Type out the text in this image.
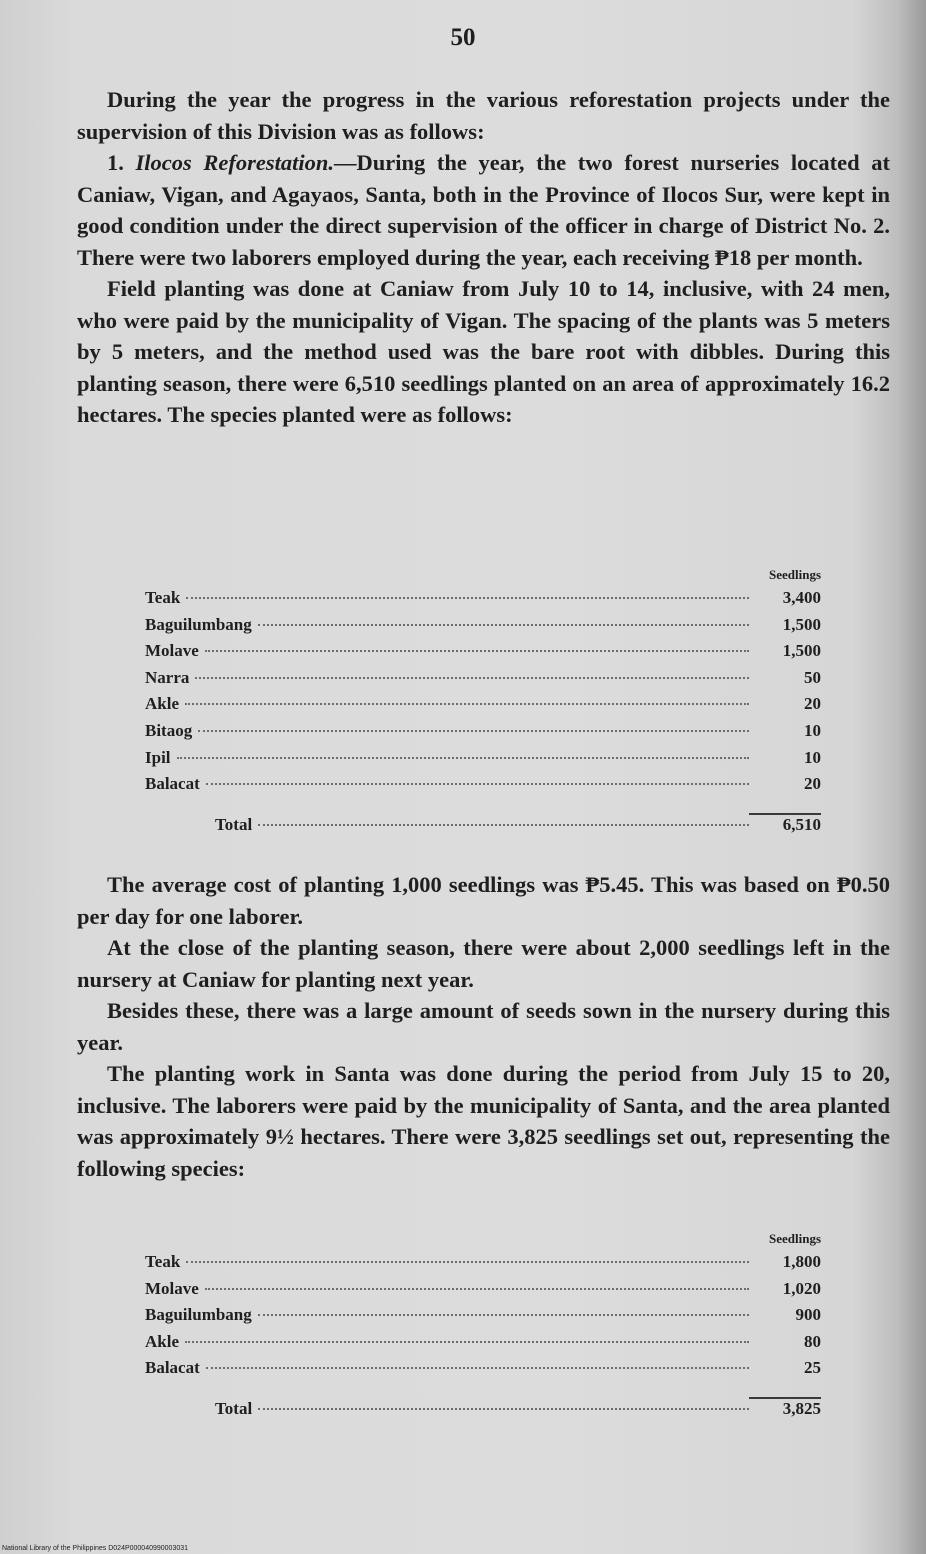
50

During the year the progress in the various reforestation projects under the supervision of this Division was as follows:

1. Ilocos Reforestation.—During the year, the two forest nurseries located at Caniaw, Vigan, and Agayaos, Santa, both in the Province of Ilocos Sur, were kept in good condition under the direct supervision of the officer in charge of District No. 2. There were two laborers employed during the year, each receiving ₱18 per month.

Field planting was done at Caniaw from July 10 to 14, inclusive, with 24 men, who were paid by the municipality of Vigan. The spacing of the plants was 5 meters by 5 meters, and the method used was the bare root with dibbles. During this planting season, there were 6,510 seedlings planted on an area of approximately 16.2 hectares. The species planted were as follows:

Seedlings
Teak	3,400
Baguilumbang	1,500
Molave	1,500
Narra	50
Akle	20
Bitaog	10
Ipil	10
Balacat	20
Total	6,510

The average cost of planting 1,000 seedlings was ₱5.45. This was based on ₱0.50 per day for one laborer.

At the close of the planting season, there were about 2,000 seedlings left in the nursery at Caniaw for planting next year.

Besides these, there was a large amount of seeds sown in the nursery during this year.

The planting work in Santa was done during the period from July 15 to 20, inclusive. The laborers were paid by the municipality of Santa, and the area planted was approximately 9½ hectares. There were 3,825 seedlings set out, representing the following species:

Seedlings
Teak	1,800
Molave	1,020
Baguilumbang	900
Akle	80
Balacat	25
Total	3,825
National Library of the Philippines D024P000040990003031
